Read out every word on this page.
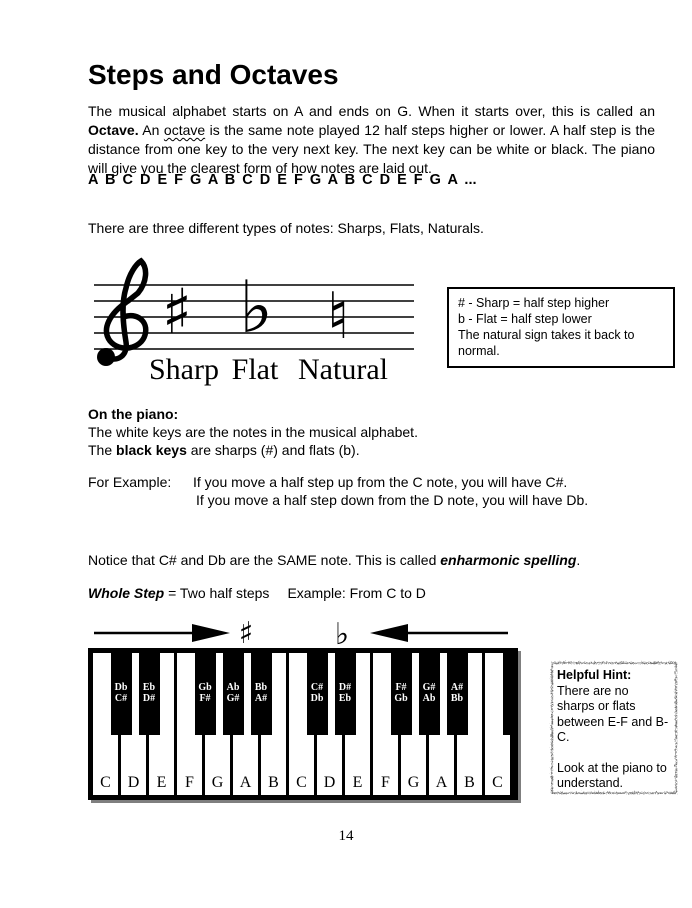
Steps and Octaves

The musical alphabet starts on A and ends on G. When it starts over, this is called an Octave. An octave is the same note played 12 half steps higher or lower. A half step is the distance from one key to the very next key. The next key can be white or black. The piano will give you the clearest form of how notes are laid out.

A B C D E F G A B C D E F G A B C D E F G A ...
There are three different types of notes: Sharps, Flats, Naturals.
♯ ♭ ♮
Sharp Flat Natural
# - Sharp = half step higher
b - Flat = half step lower
The natural sign takes it back to normal.
On the piano:
The white keys are the notes in the musical alphabet.
The black keys are sharps (#) and flats (b).
For Example:	If you move a half step up from the C note, you will have C#.
If you move a half step down from the D note, you will have Db.
Notice that C# and Db are the SAME note. This is called enharmonic spelling.
Whole Step = Two half steps Example: From C to D
♯	♭
C	D	E	F	G	A	B	C	D	E	F	G	A	B	C
Db
C#
Eb
D#
Gb
F#
Ab
G#
Bb
A#
C#
Db
D#
Eb
F#
Gb
G#
Ab
A#
Bb
Helpful Hint:
There are no sharps or flats between E-F and B-C.
Look at the piano to understand.
14
